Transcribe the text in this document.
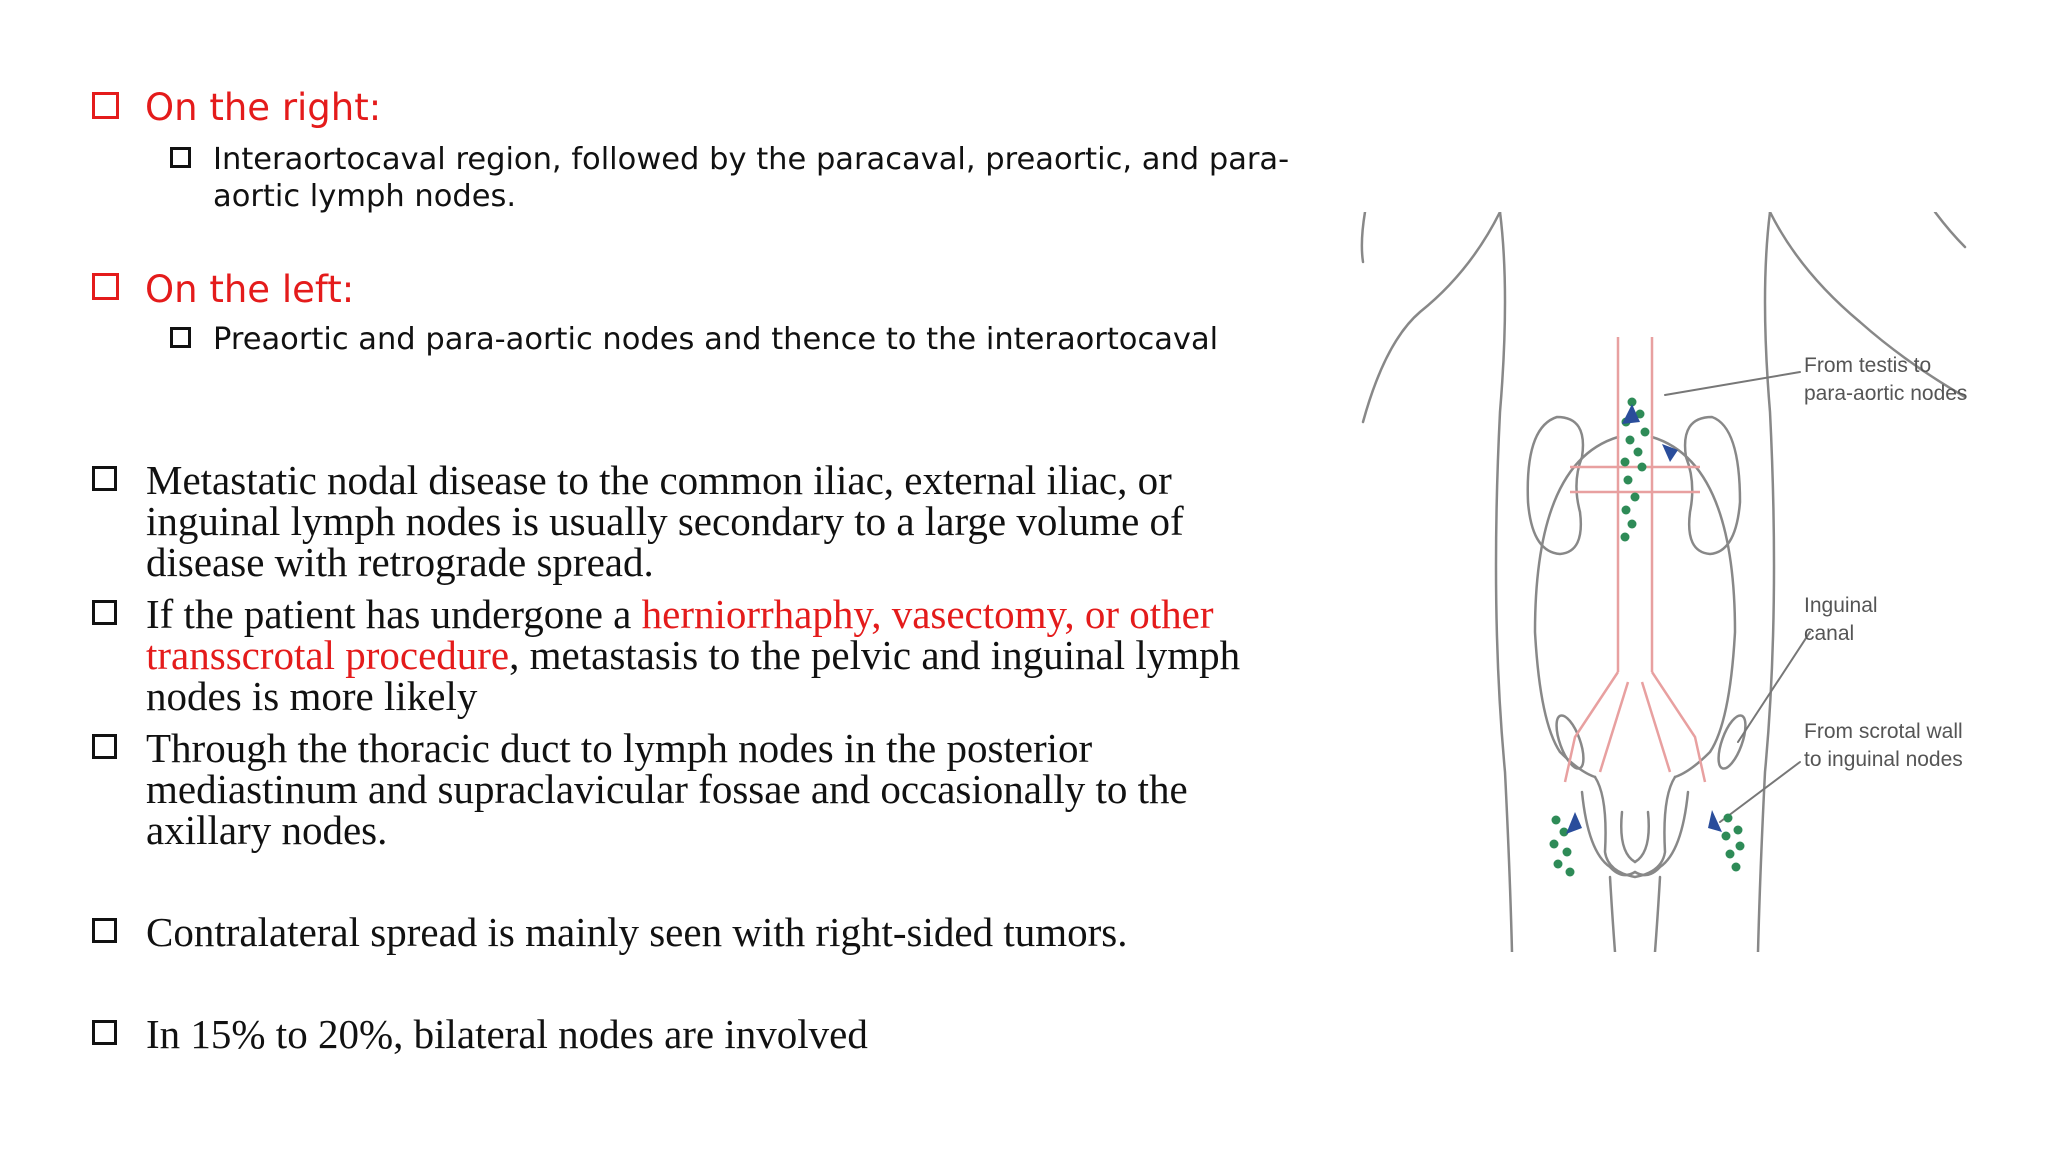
On the right:

Interaortocaval region, followed by the paracaval, preaortic, and para-aortic lymph nodes.

On the left:

Preaortic and para-aortic nodes and thence to the interaortocaval

Metastatic nodal disease to the common iliac, external iliac, or inguinal lymph nodes is usually secondary to a large volume of disease with retrograde spread.

If the patient has undergone a herniorrhaphy, vasectomy, or other transscrotal procedure, metastasis to the pelvic and inguinal lymph nodes is more likely

Through the thoracic duct to lymph nodes in the posterior mediastinum and supraclavicular fossae and occasionally to the axillary nodes.

Contralateral spread is mainly seen with right-sided tumors.

In 15% to 20%, bilateral nodes are involved

From testis to
para-aortic nodes
Inguinal
canal
From scrotal wall
to inguinal nodes
